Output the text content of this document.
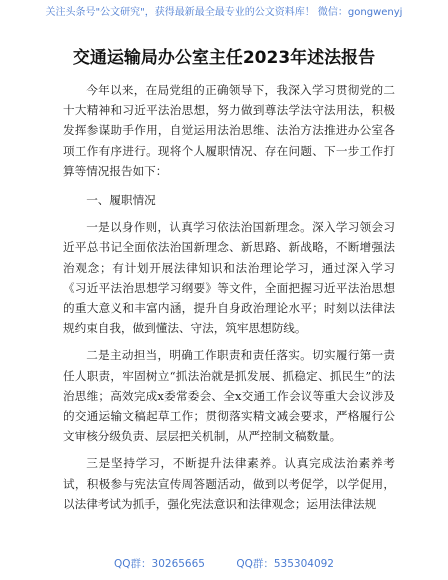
关注头条号"公文研究"，获得最新最全最专业的公文资料库！ 微信：gongwenyj
交通运输局办公室主任2023年述法报告

今年以来，在局党组的正确领导下，我深入学习贯彻党的二十大精神和习近平法治思想，努力做到尊法学法守法用法，积极发挥参谋助手作用，自觉运用法治思维、法治方法推进办公室各项工作有序进行。现将个人履职情况、存在问题、下一步工作打算等情况报告如下：

一、履职情况

一是以身作则，认真学习依法治国新理念。深入学习领会习近平总书记全面依法治国新理念、新思路、新战略，不断增强法治观念；有计划开展法律知识和法治理论学习，通过深入学习《习近平法治思想学习纲要》等文件，全面把握习近平法治思想的重大意义和丰富内涵，提升自身政治理论水平；时刻以法律法规约束自我，做到懂法、守法，筑牢思想防线。

二是主动担当，明确工作职责和责任落实。切实履行第一责任人职责，牢固树立“抓法治就是抓发展、抓稳定、抓民生”的法治思维；高效完成x委常委会、全x交通工作会议等重大会议涉及的交通运输文稿起草工作；贯彻落实精文减会要求，严格履行公文审核分级负责、层层把关机制，从严控制文稿数量。

三是坚持学习，不断提升法律素养。认真完成法治素养考试，积极参与宪法宣传周答题活动，做到以考促学，以学促用，以法律考试为抓手，强化宪法意识和法律观念；运用法律法规

QQ群：30265665	QQ群：535304092
